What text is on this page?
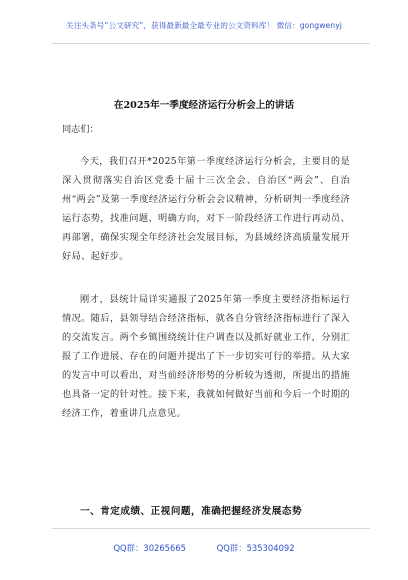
关注头条号“公文研究”，获得最新最全最专业的公文资料库！ 微信：gongwenyj
在2025年一季度经济运行分析会上的讲话
同志们：
今天，我们召开*2025年第一季度经济运行分析会，主要目的是深入贯彻落实自治区党委十届十三次全会、自治区“两会”、自治州“两会”及第一季度经济运行分析会会议精神，分析研判一季度经济运行态势，找准问题、明确方向，对下一阶段经济工作进行再动员、再部署，确保实现全年经济社会发展目标，为县域经济高质量发展开好局、起好步。
刚才，县统计局详实通报了2025年第一季度主要经济指标运行情况。随后，县领导结合经济指标，就各自分管经济指标进行了深入的交流发言。两个乡镇围绕统计住户调查以及抓好就业工作，分别汇报了工作进展、存在的问题并提出了下一步切实可行的举措。从大家的发言中可以看出，对当前经济形势的分析较为透彻，所提出的措施也具备一定的针对性。接下来，我就如何做好当前和今后一个时期的经济工作，着重讲几点意见。
一、肯定成绩、正视问题，准确把握经济发展态势
QQ群：30265665	QQ群：535304092
